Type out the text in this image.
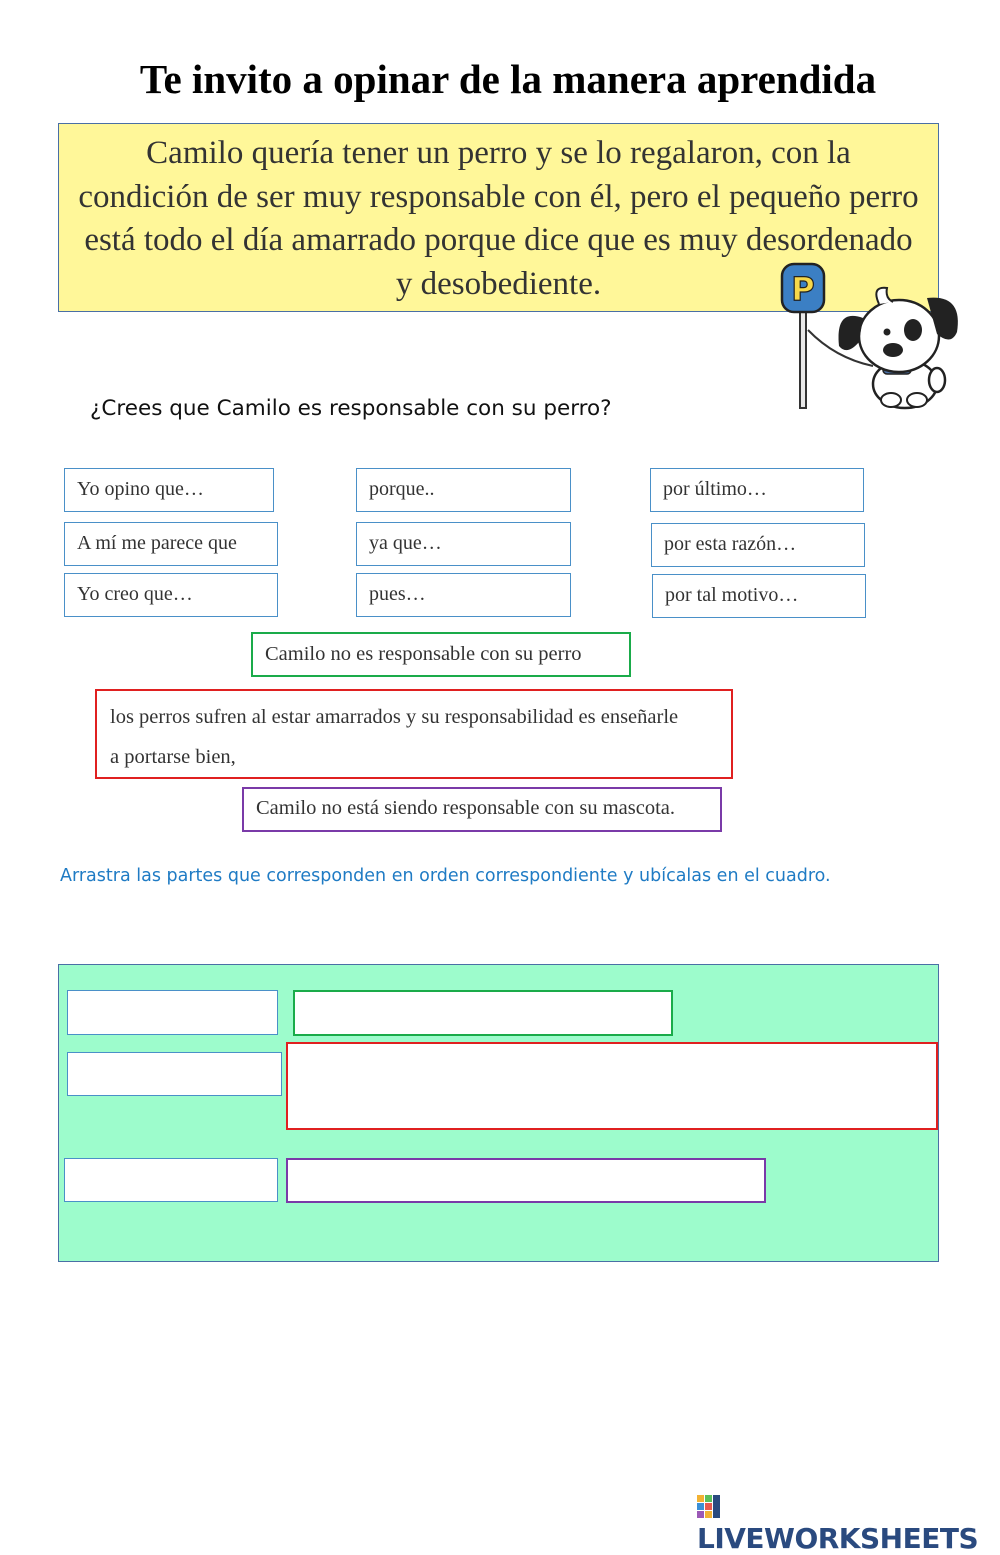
Te invito a opinar de la manera aprendida
Camilo quería tener un perro y se lo regalaron, con la condición de ser muy responsable con él, pero el pequeño perro está todo el día amarrado porque dice que es muy desordenado y desobediente.	P
¿Crees que Camilo es responsable con su perro?
Yo opino que…
A mí me parece que
Yo creo que…
porque..
ya que…
pues…
por último…
por esta razón…
por tal motivo…
Camilo no es responsable con su perro
los perros sufren al estar amarrados y su responsabilidad es enseñarle
a portarse bien,
Camilo no está siendo responsable con su mascota.
Arrastra las partes que corresponden en orden correspondiente y ubícalas en el cuadro.
LIVEWORKSHEETS
